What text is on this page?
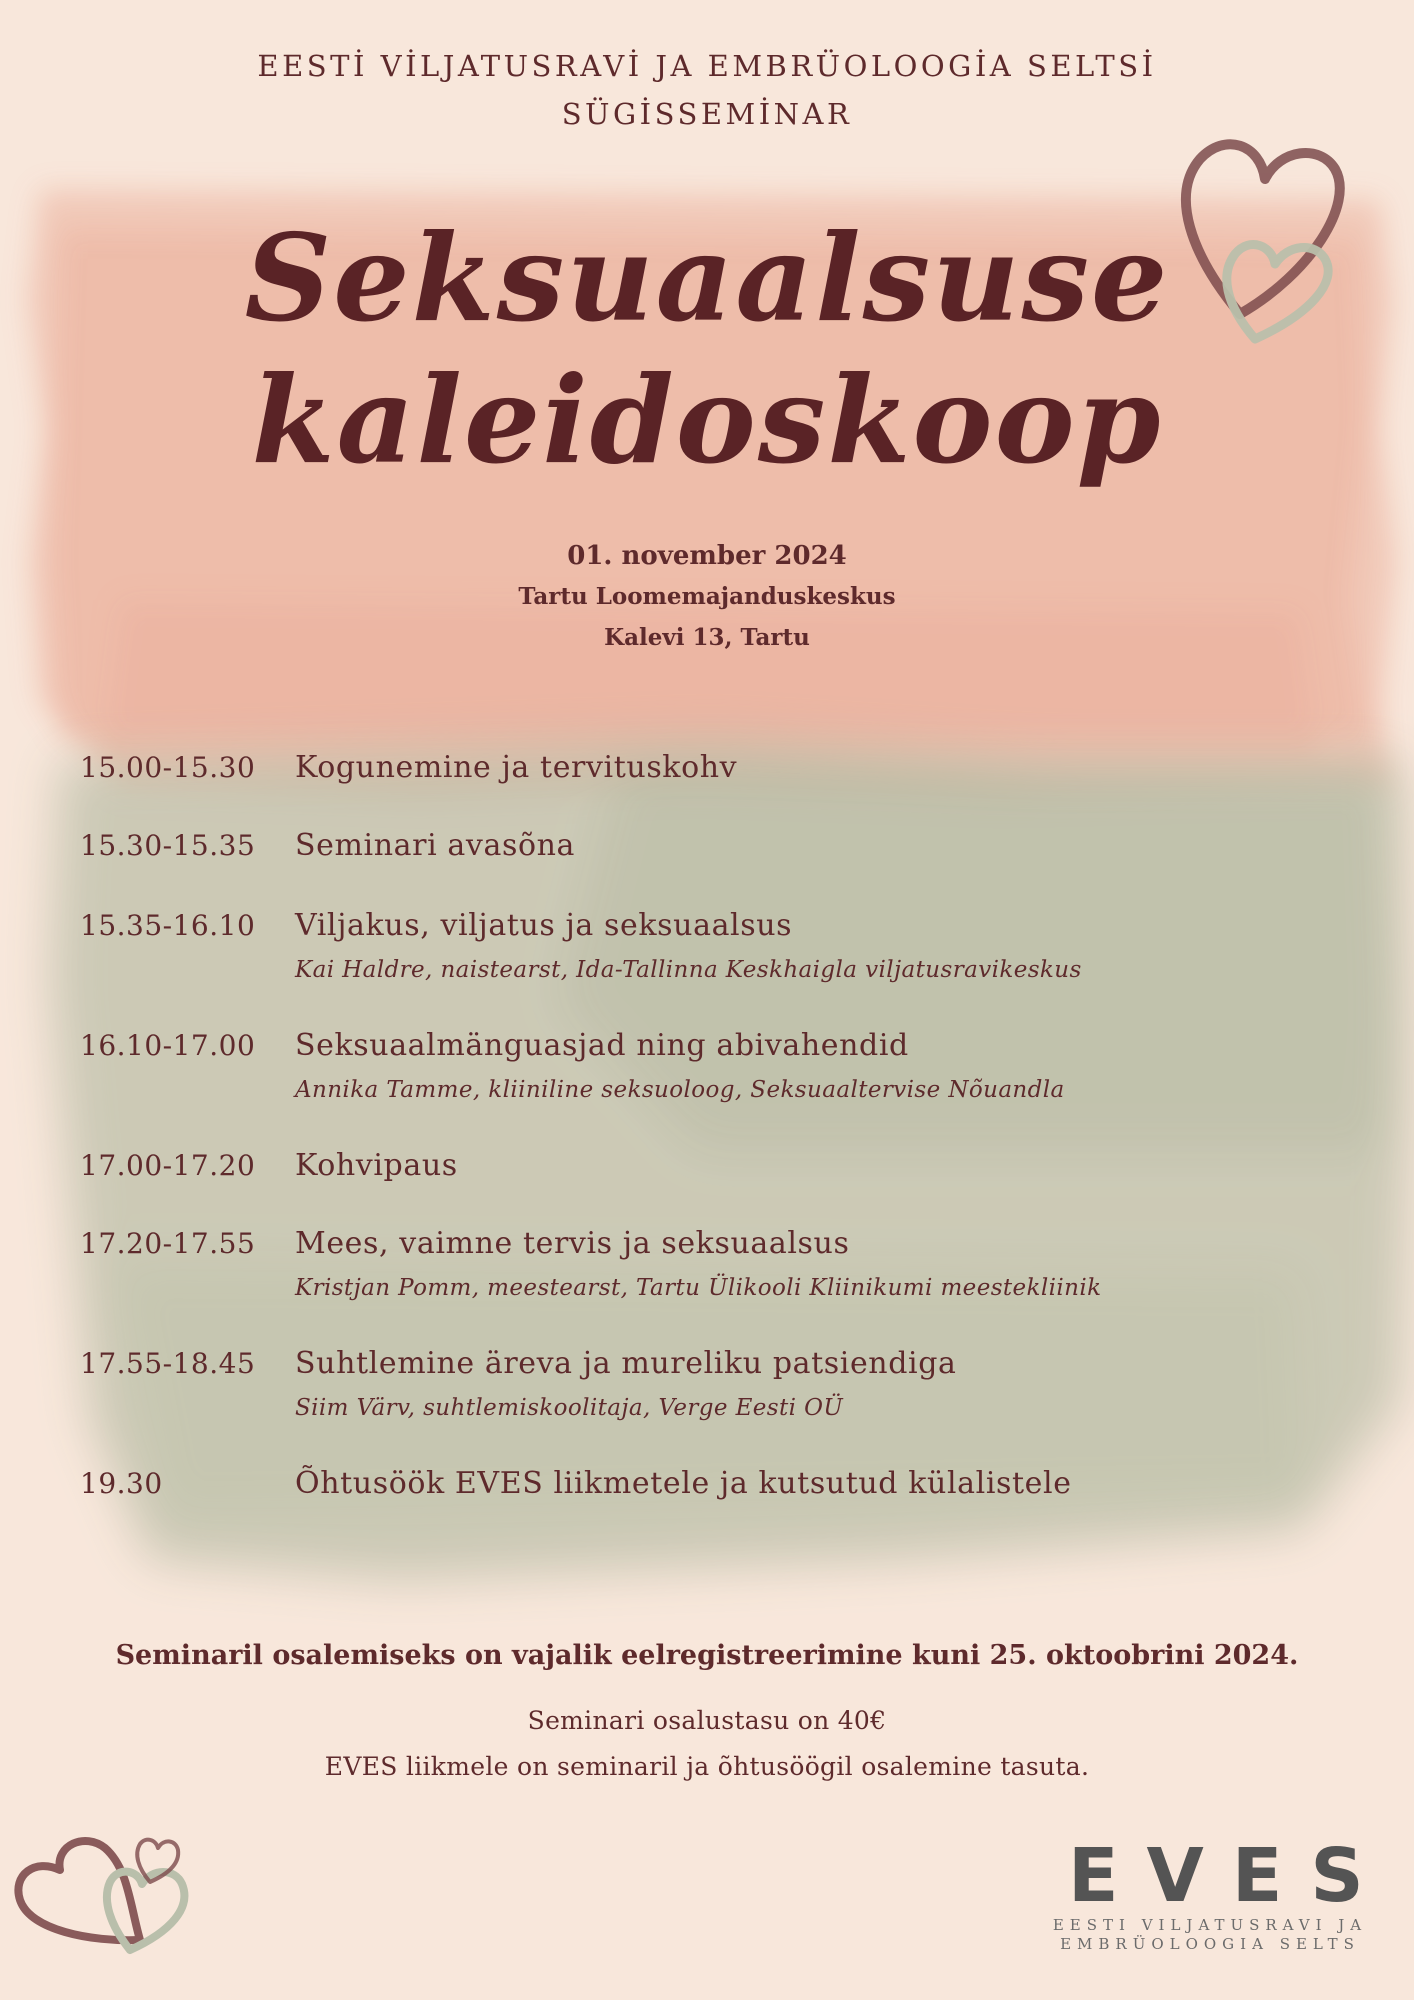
EESTİ VİLJATUSRAVİ JA EMBRÜOLOOGİA SELTSİ
SÜGİSSEMİNAR
Seksuaalsuse
kaleidoskoop
01. november 2024
Tartu Loomemajanduskeskus
Kalevi 13, Tartu
15.00-15.30	Kogunemine ja tervituskohv
15.30-15.35	Seminari avasõna
15.35-16.10	Viljakus, viljatus ja seksuaalsus
Kai Haldre, naistearst, Ida-Tallinna Keskhaigla viljatusravikeskus
16.10-17.00	Seksuaalmänguasjad ning abivahendid
Annika Tamme, kliiniline seksuoloog, Seksuaaltervise Nõuandla
17.00-17.20	Kohvipaus
17.20-17.55	Mees, vaimne tervis ja seksuaalsus
Kristjan Pomm, meestearst, Tartu Ülikooli Kliinikumi meestekliinik
17.55-18.45	Suhtlemine äreva ja mureliku patsiendiga
Siim Värv, suhtlemiskoolitaja, Verge Eesti OÜ
19.30	Õhtusöök EVES liikmetele ja kutsutud külalistele
Seminaril osalemiseks on vajalik eelregistreerimine kuni 25. oktoobrini 2024.
Seminari osalustasu on 40€
EVES liikmele on seminaril ja õhtusöögil osalemine tasuta.
EVES
EESTI VILJATUSRAVI JA
EMBRÜOLOOGIA SELTS
